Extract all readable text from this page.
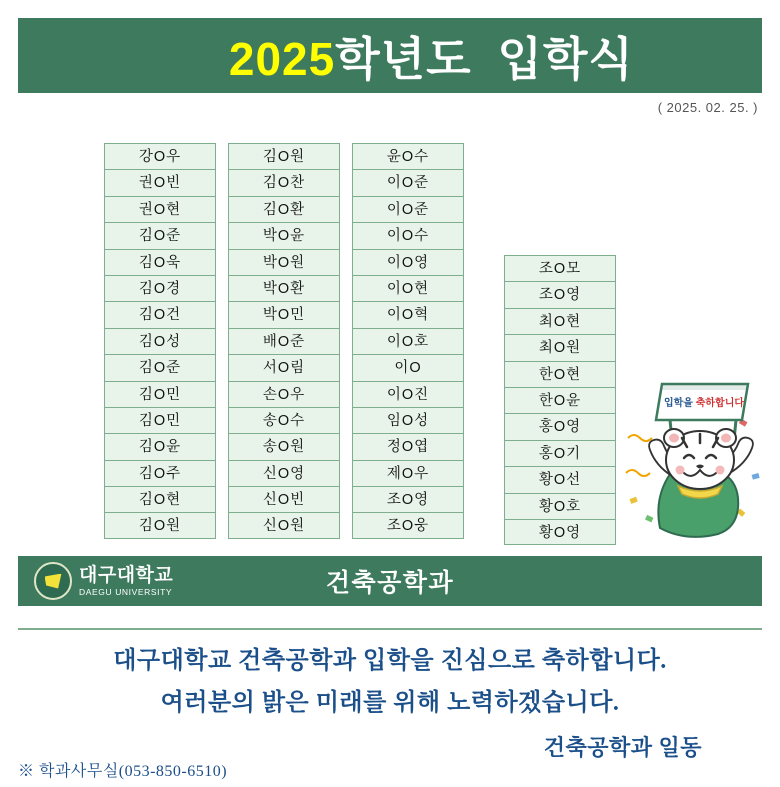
2025학년도 입학식

( 2025. 02. 25. )
강O우
권O빈
권O현
김O준
김O욱
김O경
김O건
김O성
김O준
김O민
김O민
김O윤
김O주
김O현
김O원
김O원
김O찬
김O환
박O윤
박O원
박O환
박O민
배O준
서O림
손O우
송O수
송O원
신O영
신O빈
신O원
윤O수
이O준
이O준
이O수
이O영
이O현
이O혁
이O호
이O
이O진
임O성
정O엽
제O우
조O영
조O웅
조O모
조O영
최O현
최O원
한O현
한O윤
홍O영
홍O기
황O선
황O호
황O영
입학을 축하합니다
대구대학교
DAEGU UNIVERSITY	건축공학과
대구대학교 건축공학과 입학을 진심으로 축하합니다.
여러분의 밝은 미래를 위해 노력하겠습니다.
건축공학과 일동
※ 학과사무실(053-850-6510)
